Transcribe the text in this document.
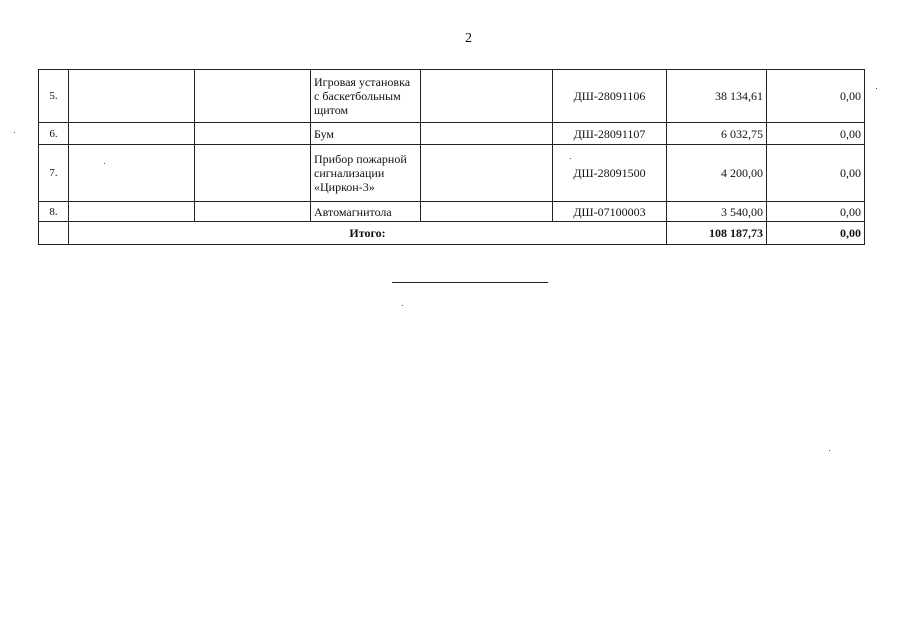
2
5.			Игровая установка с баскетбольным щитом		ДШ-28091106	38 134,61	0,00
6.			Бум		ДШ-28091107	6 032,75	0,00
7.			Прибор пожарной сигнализации «Циркон-3»		ДШ-28091500	4 200,00	0,00
8.			Автомагнитола		ДШ-07100003	3 540,00	0,00
	Итого:					108 187,73	0,00
